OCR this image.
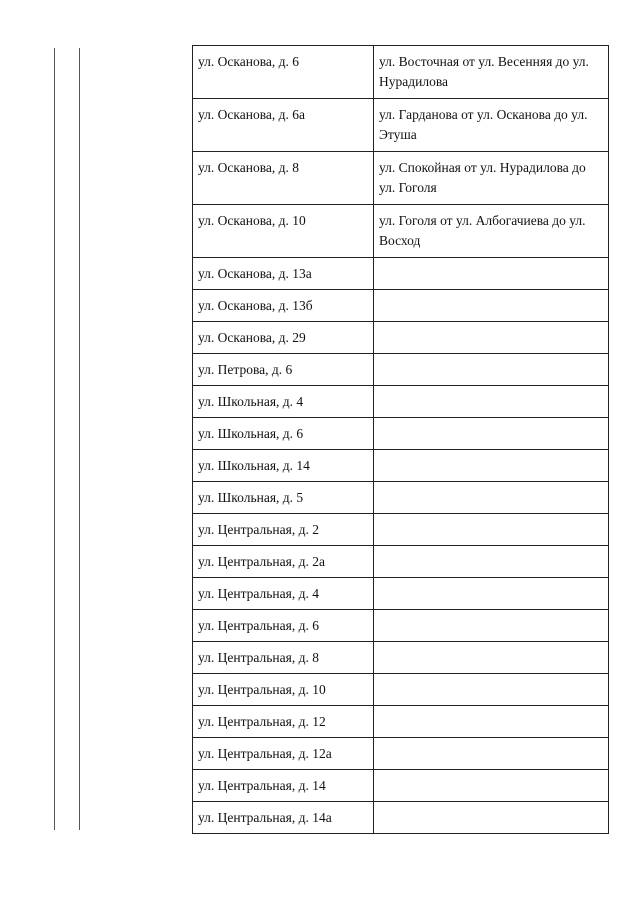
ул. Осканова, д. 6	ул. Восточная от ул. Весенняя до ул. Нурадилова
ул. Осканова, д. 6а	ул. Гарданова от ул. Осканова до ул. Этуша
ул. Осканова, д. 8	ул. Спокойная от ул. Нурадилова до ул. Гоголя
ул. Осканова, д. 10	ул. Гоголя от ул. Албогачиева до ул. Восход
ул. Осканова, д. 13а	
ул. Осканова, д. 13б	
ул. Осканова, д. 29	
ул. Петрова, д. 6	
ул. Школьная, д. 4	
ул. Школьная, д. 6	
ул. Школьная, д. 14	
ул. Школьная, д. 5	
ул. Центральная, д. 2	
ул. Центральная, д. 2а	
ул. Центральная, д. 4	
ул. Центральная, д. 6	
ул. Центральная, д. 8	
ул. Центральная, д. 10	
ул. Центральная, д. 12	
ул. Центральная, д. 12а	
ул. Центральная, д. 14	
ул. Центральная, д. 14а	
